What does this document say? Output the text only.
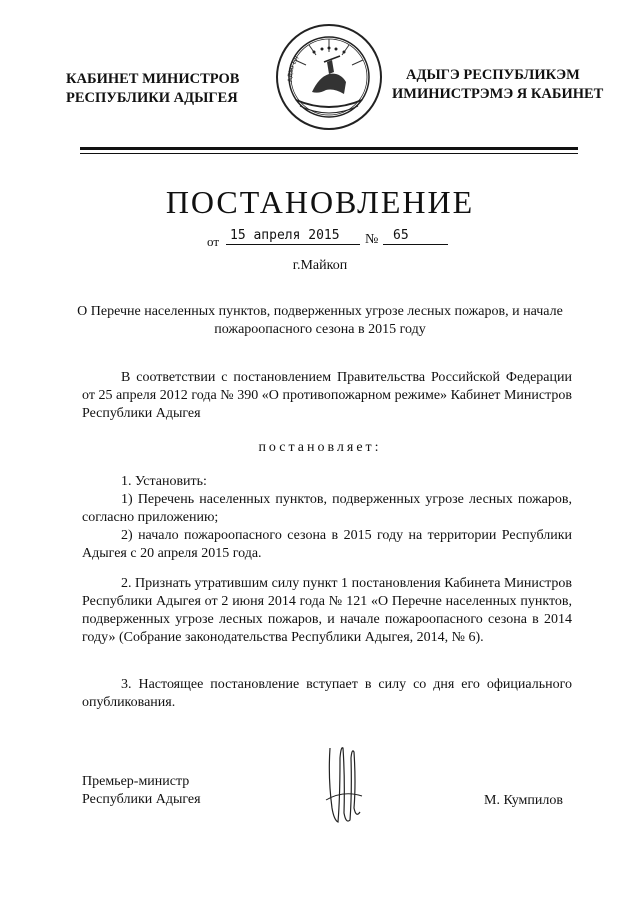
КАБИНЕТ МИНИСТРОВ
РЕСПУБЛИКИ АДЫГЕЯ
АДЫГЕЯ
АДЫГЭ РЕСПУБЛИКЭМ
ИМИНИСТРЭМЭ Я КАБИНЕТ
ПОСТАНОВЛЕНИЕ
от 15 апреля 2015	№	65
г.Майкоп
О Перечне населенных пунктов, подверженных угрозе лесных пожаров, и начале пожароопасного сезона в 2015 году
В соответствии с постановлением Правительства Российской Федерации от 25 апреля 2012 года № 390 «О противопожарном режиме» Кабинет Министров Республики Адыгея
постановляет:
1. Установить:
1) Перечень населенных пунктов, подверженных угрозе лесных пожаров, согласно приложению;
2) начало пожароопасного сезона в 2015 году на территории Республики Адыгея с 20 апреля 2015 года.
2. Признать утратившим силу пункт 1 постановления Кабинета Министров Республики Адыгея от 2 июня 2014 года № 121 «О Перечне населенных пунктов, подверженных угрозе лесных пожаров, и начале пожароопасного сезона в 2014 году» (Собрание законодательства Республики Адыгея, 2014, № 6).
3. Настоящее постановление вступает в силу со дня его официального опубликования.
Премьер-министр
Республики Адыгея	М. Кумпилов
